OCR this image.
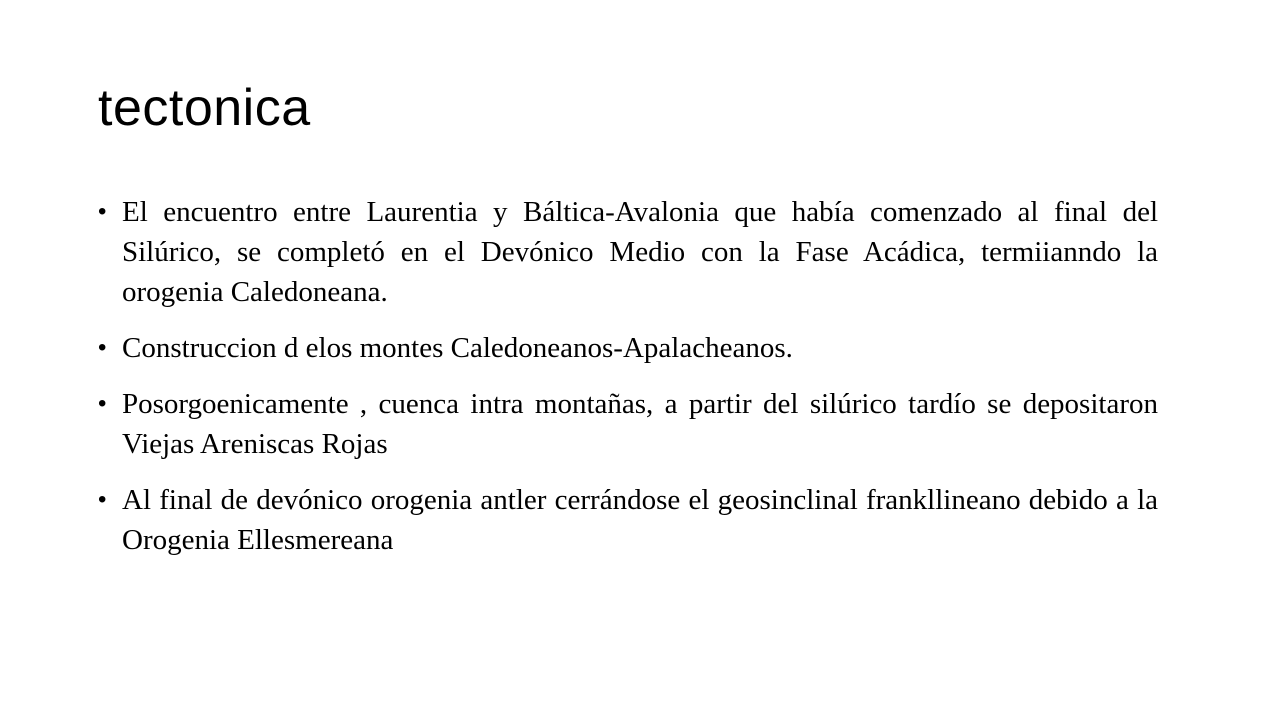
tectonica
• El encuentro entre Laurentia y Báltica-Avalonia que había comenzado al final del Silúrico, se completó en el Devónico Medio con la Fase Acádica, termiianndo la orogenia Caledoneana.
• Construccion d elos montes Caledoneanos-Apalacheanos.
• Posorgoenicamente , cuenca intra montañas, a partir del silúrico tardío se depositaron Viejas Areniscas Rojas
• Al final de devónico orogenia antler cerrándose el geosinclinal frankllineano debido a la Orogenia Ellesmereana
